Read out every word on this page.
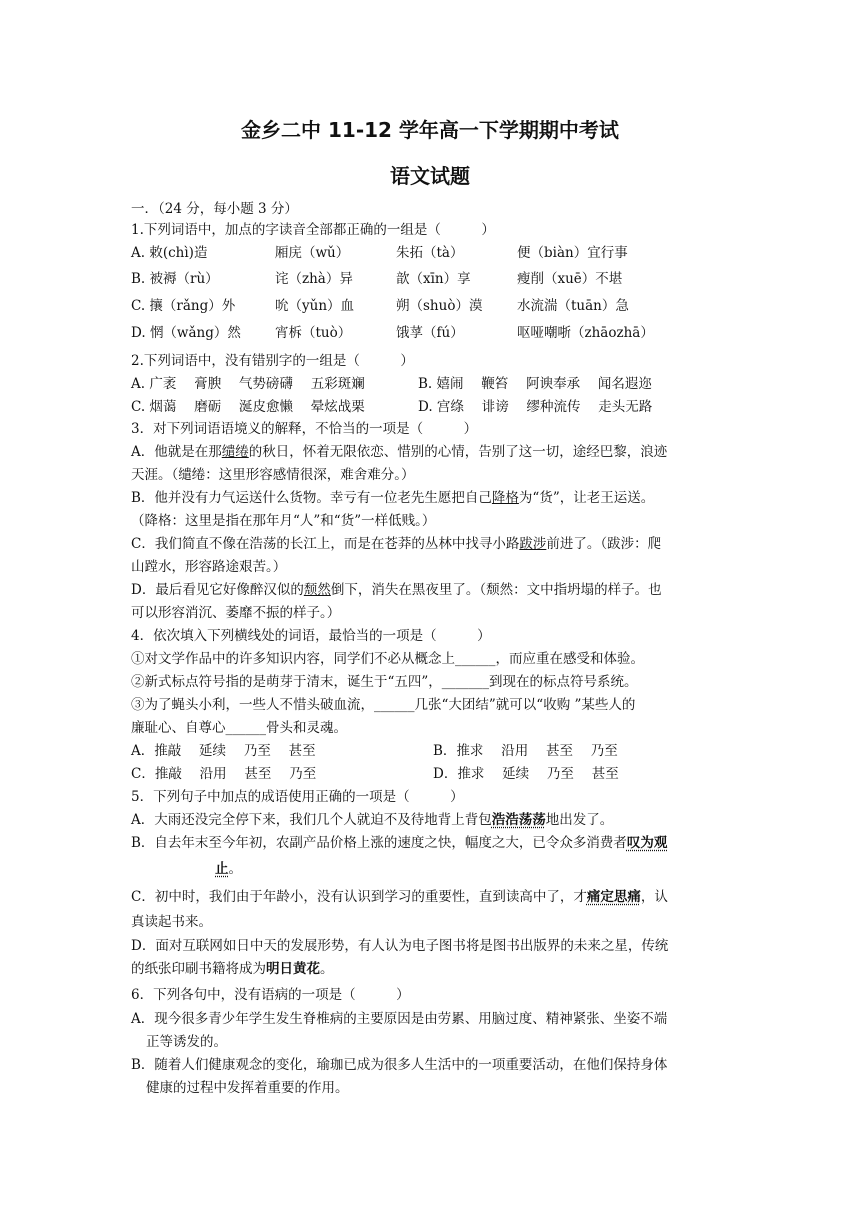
金乡二中 11-12 学年高一下学期期中考试
语文试题
一．（24 分，每小题 3 分）
1.下列词语中，加点的字读音全部都正确的一组是（　　　）
A. 敕(chì)造	厢庑（wǔ）	朱拓（tà）	便（biàn）宜行事
B. 被褥（rù）	诧（zhà）异	歆（xīn）享	瘦削（xuē）不堪
C. 攘（rǎng）外	吮（yǔn）血	朔（shuò）漠	水流湍（tuān）急
D. 惘（wǎng）然	宵柝（tuò）	饿莩（fú）	呕哑嘲哳（zhāozhā）
2.下列词语中，没有错别字的一组是（　　　）
A. 广袤　 膏腴　 气势磅礴　 五彩斑斓	B. 嬉闹　 鞭笞　 阿谀奉承　 闻名遐迩
C. 烟蔼　 磨砺　 涎皮愈懒　 晕炫战栗	D. 宫绦　 诽谤　 缪种流传　 走头无路
3．对下列词语语境义的解释，不恰当的一项是（　　　）
A．他就是在那缱绻的秋日，怀着无限依恋、惜别的心情，告别了这一切，途经巴黎，浪迹
天涯。（缱绻：这里形容感情很深，难舍难分。）
B．他并没有力气运送什么货物。幸亏有一位老先生愿把自己降格为“货”，让老王运送。
（降格：这里是指在那年月“人”和“货”一样低贱。）
C．我们简直不像在浩荡的长江上，而是在苍莽的丛林中找寻小路跋涉前进了。（跋涉：爬
山蹚水，形容路途艰苦。）
D．最后看见它好像醉汉似的颓然倒下，消失在黑夜里了。（颓然：文中指坍塌的样子。也
可以形容消沉、萎靡不振的样子。）
4．依次填入下列横线处的词语，最恰当的一项是（　　　）
①对文学作品中的许多知识内容，同学们不必从概念上______，而应重在感受和体验。
②新式标点符号指的是萌芽于清末，诞生于“五四”，_______到现在的标点符号系统。
③为了蝇头小利，一些人不惜头破血流，______几张“大团结”就可以“收购 ”某些人的
廉耻心、自尊心______骨头和灵魂。
A．推敲　 延续　 乃至　 甚至	B．推求　 沿用　 甚至　 乃至
C．推敲　 沿用　 甚至　 乃至	D．推求　 延续　 乃至　 甚至
5．下列句子中加点的成语使用正确的一项是（　　　）
A．大雨还没完全停下来，我们几个人就迫不及待地背上背包浩浩荡荡地出发了。
B．自去年末至今年初，农副产品价格上涨的速度之快，幅度之大，已令众多消费者叹为观
止。
C．初中时，我们由于年龄小，没有认识到学习的重要性，直到读高中了，才痛定思痛，认
真读起书来。
D．面对互联网如日中天的发展形势，有人认为电子图书将是图书出版界的未来之星，传统
的纸张印刷书籍将成为明日黄花。
6．下列各句中，没有语病的一项是（　　　）
A．现今很多青少年学生发生脊椎病的主要原因是由劳累、用脑过度、精神紧张、坐姿不端
正等诱发的。
B．随着人们健康观念的变化，瑜珈已成为很多人生活中的一项重要活动，在他们保持身体
健康的过程中发挥着重要的作用。
